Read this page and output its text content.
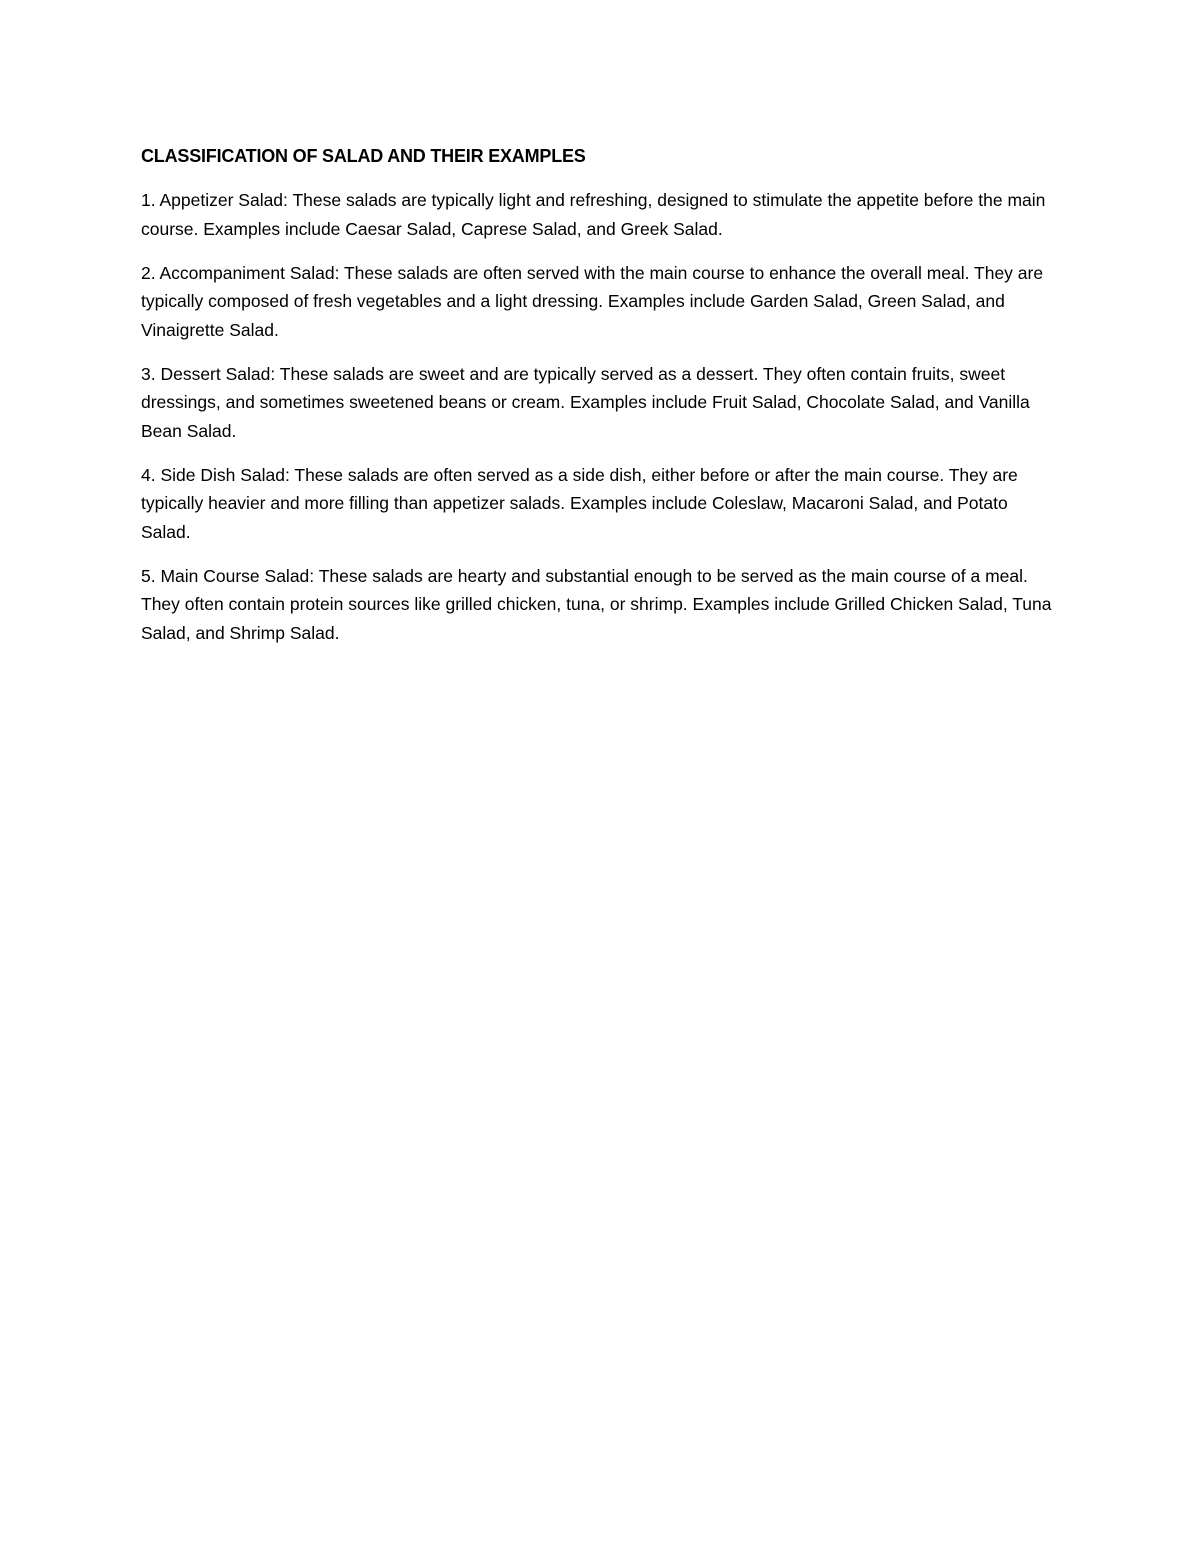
CLASSIFICATION OF SALAD AND THEIR EXAMPLES

1. Appetizer Salad: These salads are typically light and refreshing, designed to stimulate the appetite before the main course. Examples include Caesar Salad, Caprese Salad, and Greek Salad.

2. Accompaniment Salad: These salads are often served with the main course to enhance the overall meal. They are typically composed of fresh vegetables and a light dressing. Examples include Garden Salad, Green Salad, and Vinaigrette Salad.

3. Dessert Salad: These salads are sweet and are typically served as a dessert. They often contain fruits, sweet dressings, and sometimes sweetened beans or cream. Examples include Fruit Salad, Chocolate Salad, and Vanilla Bean Salad.

4. Side Dish Salad: These salads are often served as a side dish, either before or after the main course. They are typically heavier and more filling than appetizer salads. Examples include Coleslaw, Macaroni Salad, and Potato Salad.

5. Main Course Salad: These salads are hearty and substantial enough to be served as the main course of a meal. They often contain protein sources like grilled chicken, tuna, or shrimp. Examples include Grilled Chicken Salad, Tuna Salad, and Shrimp Salad.
